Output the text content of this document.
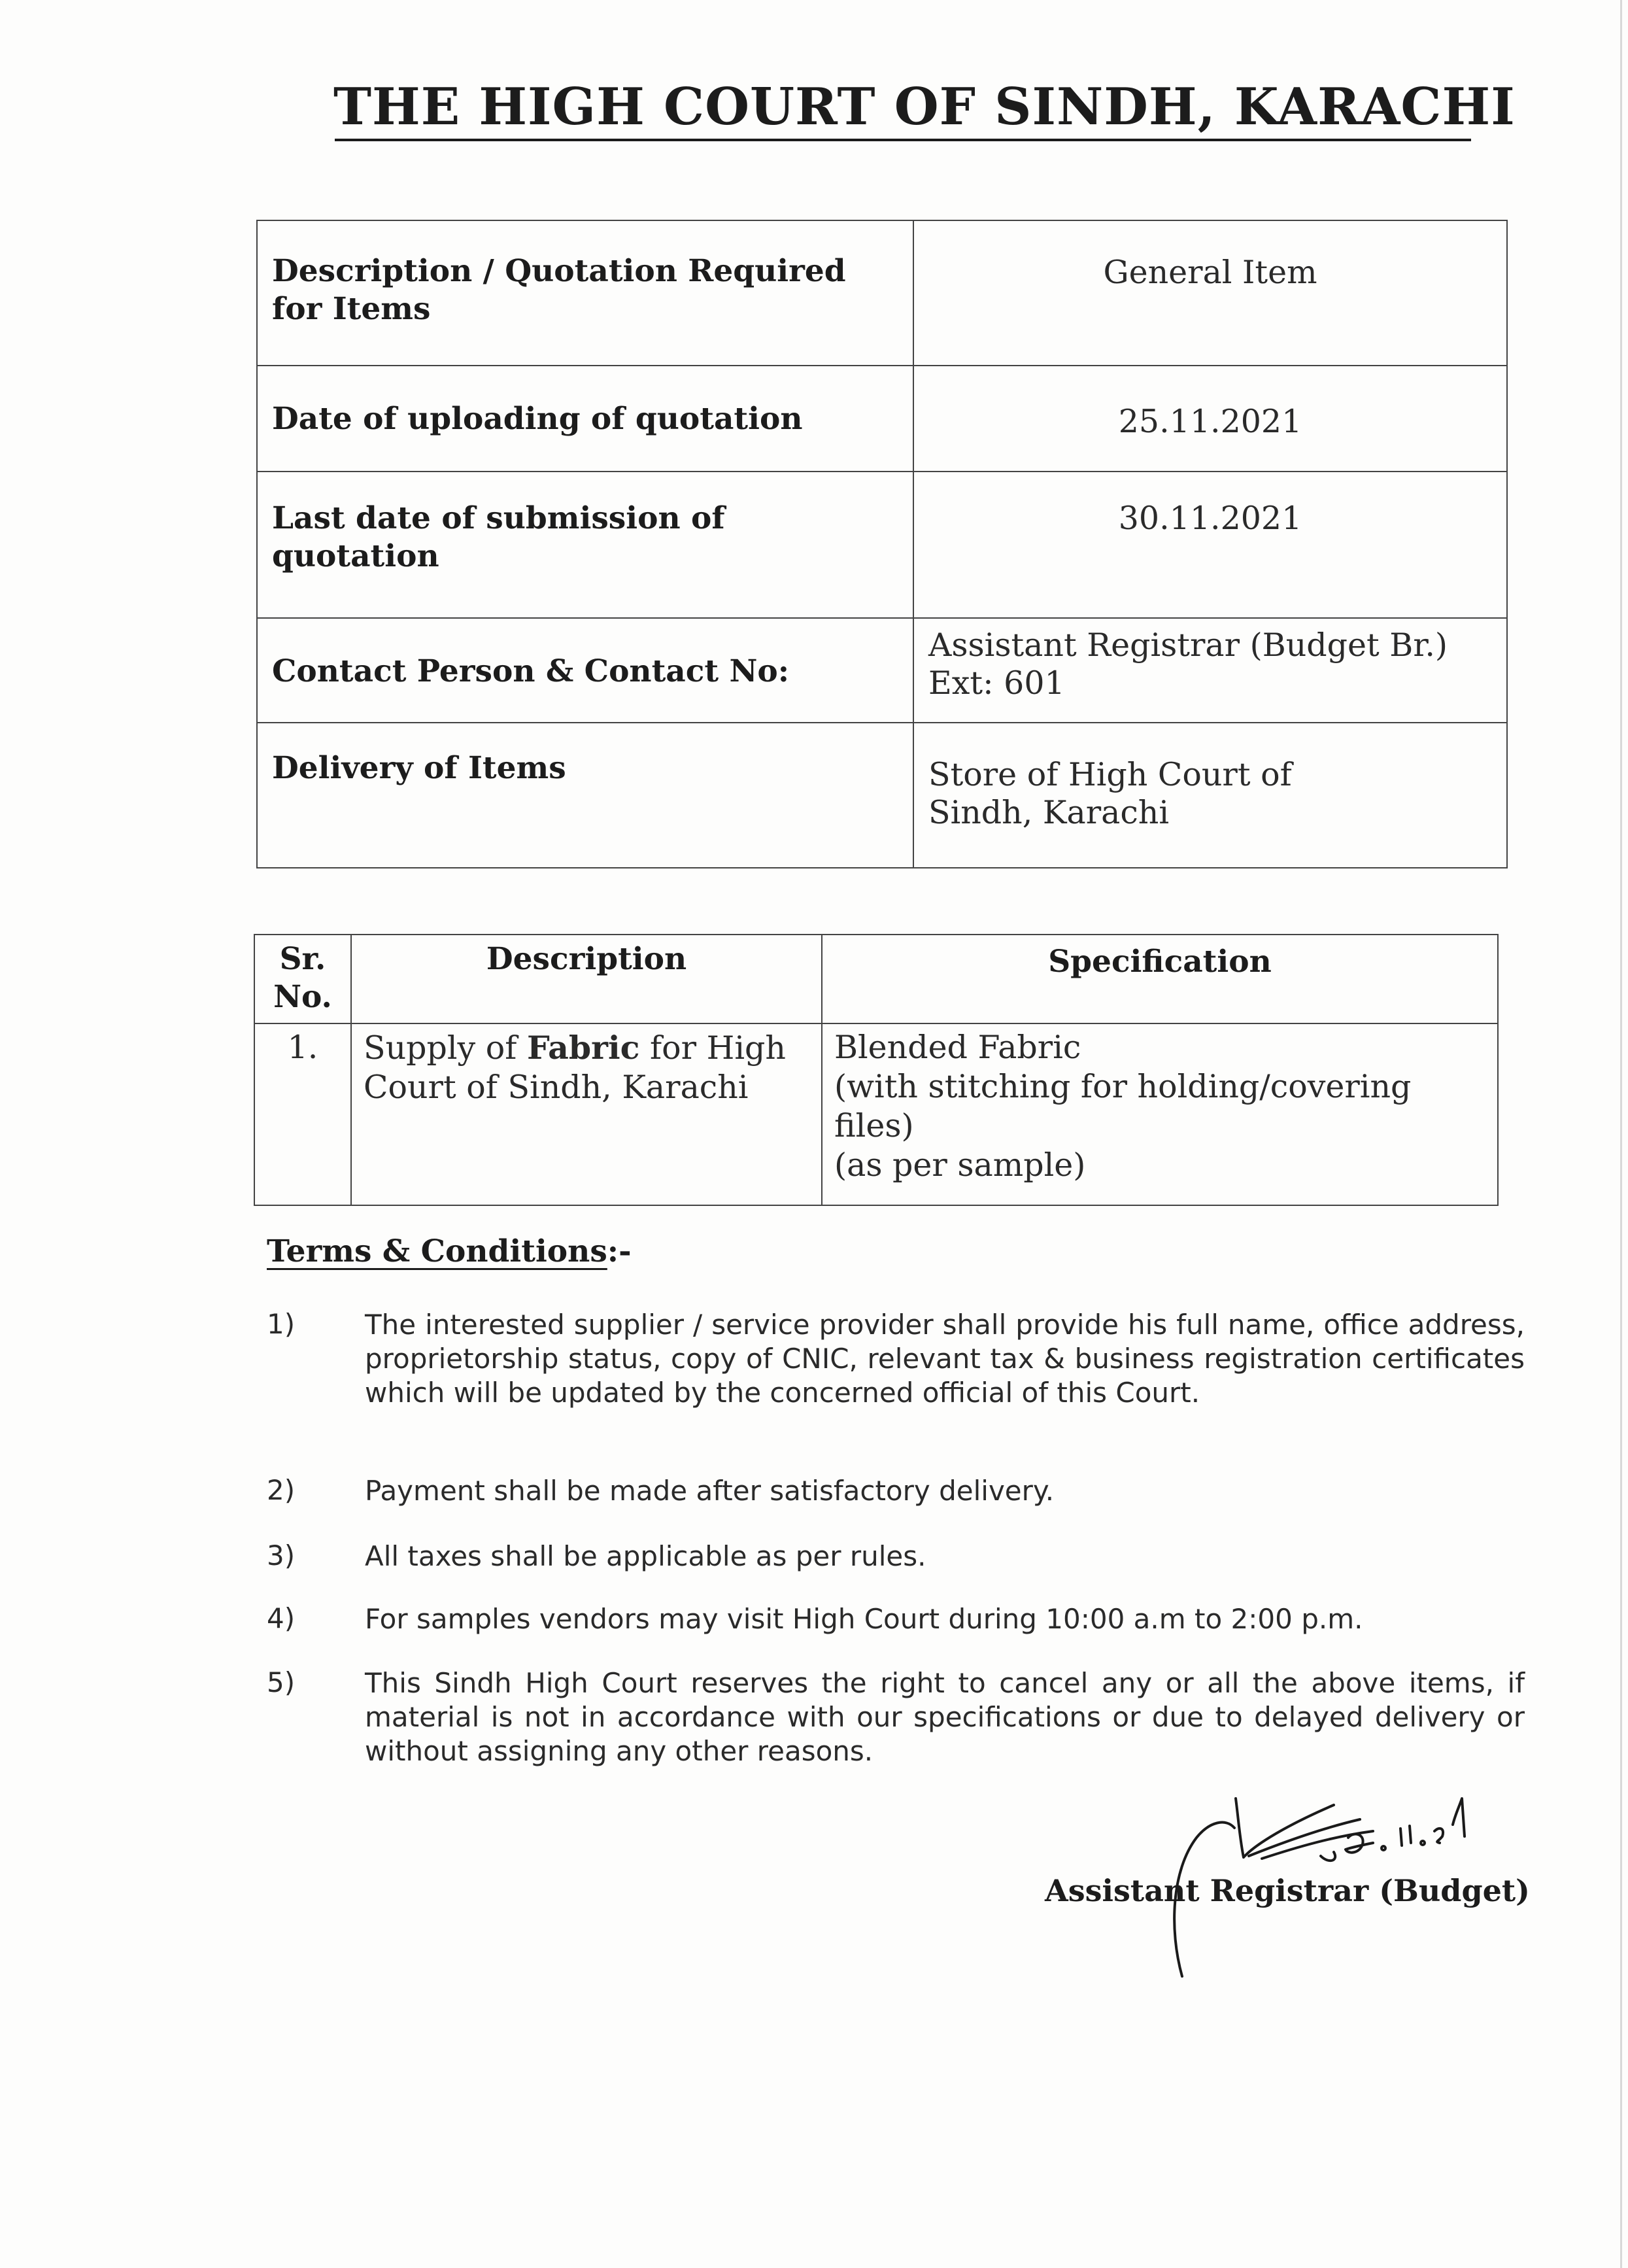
THE HIGH COURT OF SINDH, KARACHI
Description / Quotation Required for Items	General Item
Date of uploading of quotation	25.11.2021
Last date of submission of quotation	30.11.2021
Contact Person & Contact No:	Assistant Registrar (Budget Br.)
Ext: 601

Delivery of Items	Store of High Court of Sindh, Karachi
Sr. No.	Description	Specification
1.	Supply of Fabric for High Court of Sindh, Karachi	Blended Fabric
(with stitching for holding/covering files)
(as per sample)
Terms & Conditions:-
1)	The interested supplier / service provider shall provide his full name, office address, proprietorship status, copy of CNIC, relevant tax & business registration certificates which will be updated by the concerned official of this Court.
2)	Payment shall be made after satisfactory delivery.
3)	All taxes shall be applicable as per rules.
4)	For samples vendors may visit High Court during 10:00 a.m to 2:00 p.m.
5)	This Sindh High Court reserves the right to cancel any or all the above items, if material is not in accordance with our specifications or due to delayed delivery or without assigning any other reasons.
Assistant Registrar (Budget)
